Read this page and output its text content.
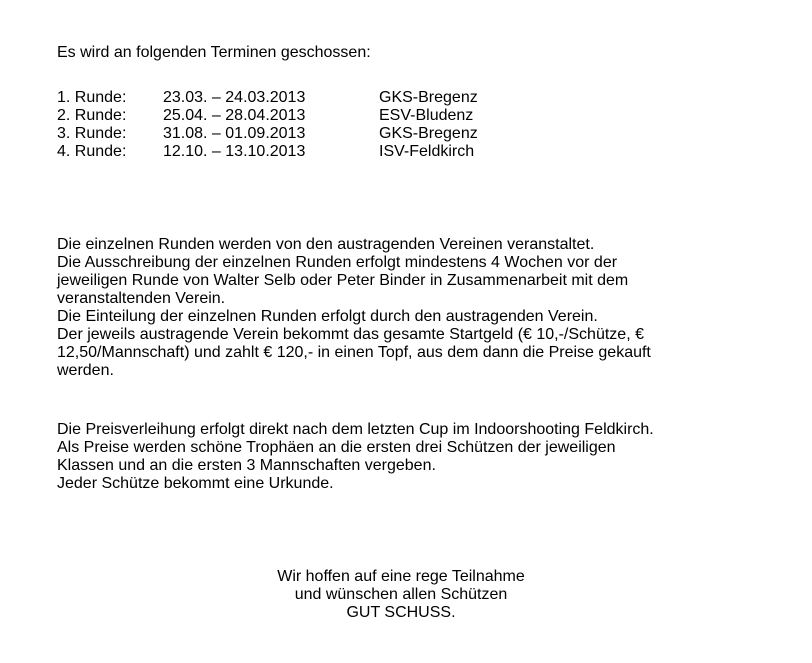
Es wird an folgenden Terminen geschossen:
1. Runde:	23.03. – 24.03.2013	GKS-Bregenz
2. Runde:	25.04. – 28.04.2013	ESV-Bludenz
3. Runde:	31.08. – 01.09.2013	GKS-Bregenz
4. Runde:	12.10. – 13.10.2013	ISV-Feldkirch
Die einzelnen Runden werden von den austragenden Vereinen veranstaltet.
Die Ausschreibung der einzelnen Runden erfolgt mindestens 4 Wochen vor der
jeweiligen Runde von Walter Selb oder Peter Binder in Zusammenarbeit mit dem
veranstaltenden Verein.
Die Einteilung der einzelnen Runden erfolgt durch den austragenden Verein.
Der jeweils austragende Verein bekommt das gesamte Startgeld (€ 10,-/Schütze, €
12,50/Mannschaft) und zahlt € 120,- in einen Topf, aus dem dann die Preise gekauft
werden.
Die Preisverleihung erfolgt direkt nach dem letzten Cup im Indoorshooting Feldkirch.
Als Preise werden schöne Trophäen an die ersten drei Schützen der jeweiligen
Klassen und an die ersten 3 Mannschaften vergeben.
Jeder Schütze bekommt eine Urkunde.
Wir hoffen auf eine rege Teilnahme
und wünschen allen Schützen
GUT SCHUSS.
